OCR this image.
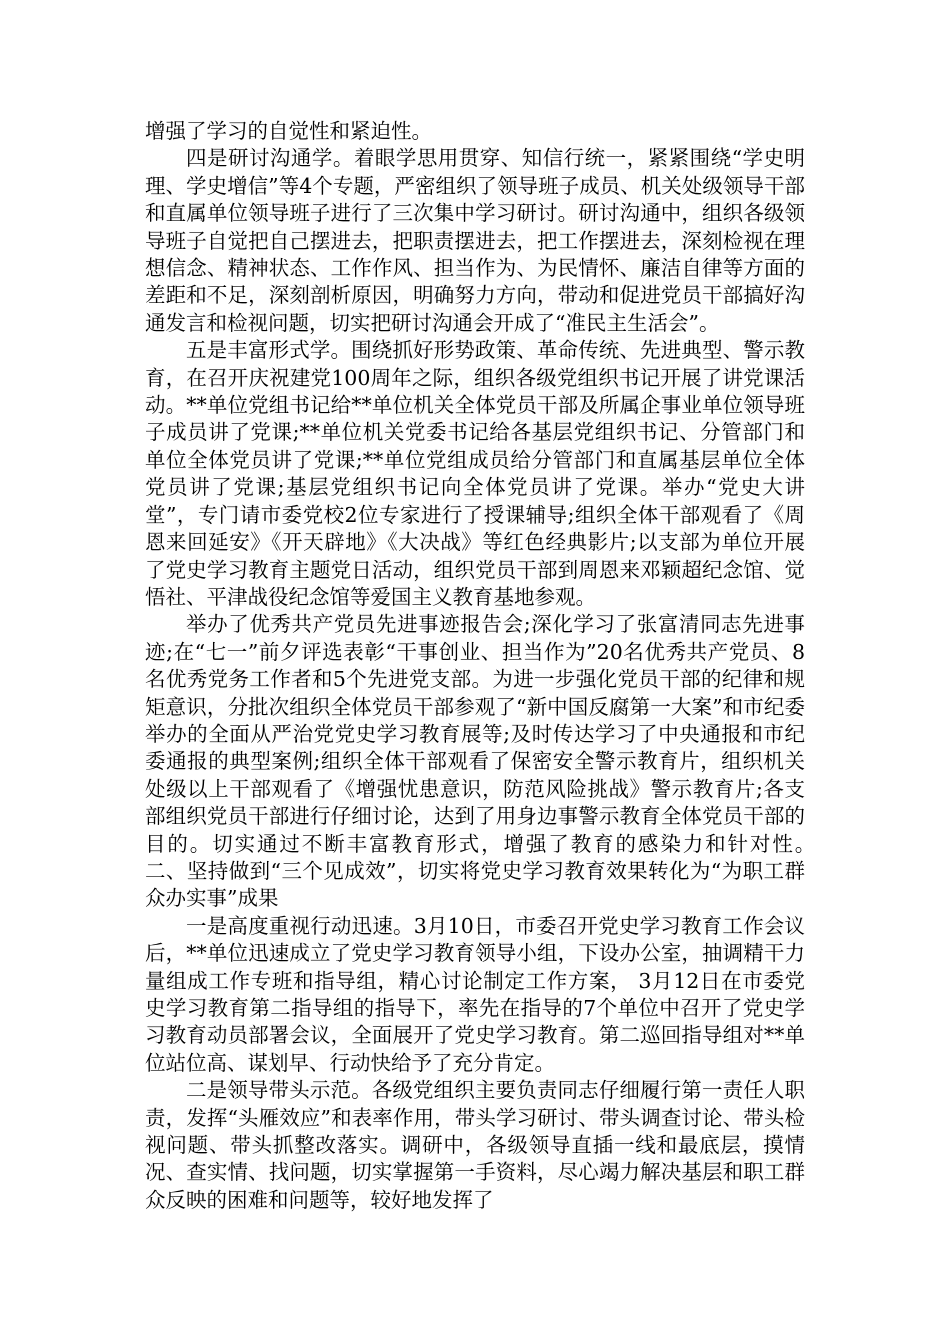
增强了学习的自觉性和紧迫性。

四是研讨沟通学。着眼学思用贯穿、知信行统一，紧紧围绕“学史明理、学史增信”等4个专题，严密组织了领导班子成员、机关处级领导干部和直属单位领导班子进行了三次集中学习研讨。研讨沟通中，组织各级领导班子自觉把自己摆进去，把职责摆进去，把工作摆进去，深刻检视在理想信念、精神状态、工作作风、担当作为、为民情怀、廉洁自律等方面的差距和不足，深刻剖析原因，明确努力方向，带动和促进党员干部搞好沟通发言和检视问题，切实把研讨沟通会开成了“准民主生活会”。

五是丰富形式学。围绕抓好形势政策、革命传统、先进典型、警示教育，在召开庆祝建党100周年之际，组织各级党组织书记开展了讲党课活动。**单位党组书记给**单位机关全体党员干部及所属企事业单位领导班子成员讲了党课;**单位机关党委书记给各基层党组织书记、分管部门和单位全体党员讲了党课;**单位党组成员给分管部门和直属基层单位全体党员讲了党课;基层党组织书记向全体党员讲了党课。举办“党史大讲堂”，专门请市委党校2位专家进行了授课辅导;组织全体干部观看了《周恩来回延安》《开天辟地》《大决战》等红色经典影片;以支部为单位开展了党史学习教育主题党日活动，组织党员干部到周恩来邓颖超纪念馆、觉悟社、平津战役纪念馆等爱国主义教育基地参观。

举办了优秀共产党员先进事迹报告会;深化学习了张富清同志先进事迹;在“七一”前夕评选表彰“干事创业、担当作为”20名优秀共产党员、8名优秀党务工作者和5个先进党支部。为进一步强化党员干部的纪律和规矩意识，分批次组织全体党员干部参观了“新中国反腐第一大案”和市纪委举办的全面从严治党党史学习教育展等;及时传达学习了中央通报和市纪委通报的典型案例;组织全体干部观看了保密安全警示教育片，组织机关处级以上干部观看了《增强忧患意识，防范风险挑战》警示教育片;各支部组织党员干部进行仔细讨论，达到了用身边事警示教育全体党员干部的目的。切实通过不断丰富教育形式，增强了教育的感染力和针对性。　　 二、坚持做到“三个见成效”，切实将党史学习教育效果转化为“为职工群众办实事”成果

一是高度重视行动迅速。3月10日，市委召开党史学习教育工作会议后，**单位迅速成立了党史学习教育领导小组，下设办公室，抽调精干力量组成工作专班和指导组，精心讨论制定工作方案， 3月12日在市委党史学习教育第二指导组的指导下，率先在指导的7个单位中召开了党史学习教育动员部署会议，全面展开了党史学习教育。第二巡回指导组对**单位站位高、谋划早、行动快给予了充分肯定。

二是领导带头示范。各级党组织主要负责同志仔细履行第一责任人职责，发挥“头雁效应”和表率作用，带头学习研讨、带头调查讨论、带头检视问题、带头抓整改落实。调研中，各级领导直插一线和最底层，摸情况、查实情、找问题，切实掌握第一手资料，尽心竭力解决基层和职工群众反映的困难和问题等，较好地发挥了
